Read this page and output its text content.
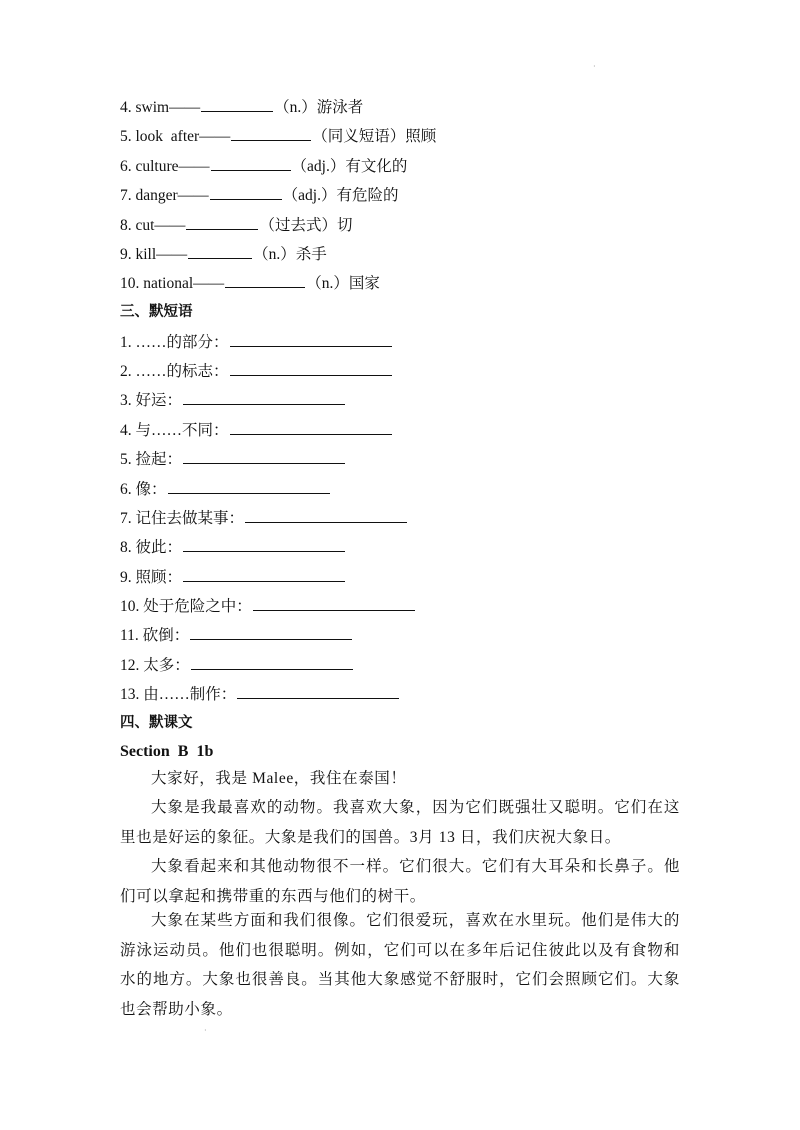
·
4. swim——	（n.）游泳者
5. look  after——	（同义短语）照顾
6. culture——	（adj.）有文化的
7. danger——	（adj.）有危险的
8. cut——	（过去式）切
9. kill——	（n.）杀手
10. national——	（n.）国家
三、默短语
1. ……的部分：
2. ……的标志：
3. 好运：
4. 与……不同：
5. 捡起：
6. 像：
7. 记住去做某事：
8. 彼此：
9. 照顾：
10. 处于危险之中：
11. 砍倒：
12. 太多：
13. 由……制作：
四、默课文
Section  B  1b
大家好，我是 Malee，我住在泰国！
大象是我最喜欢的动物。我喜欢大象，因为它们既强壮又聪明。它们在这里也是好运的象征。大象是我们的国兽。3月 13 日，我们庆祝大象日。
大象看起来和其他动物很不一样。它们很大。它们有大耳朵和长鼻子。他们可以拿起和携带重的东西与他们的树干。
大象在某些方面和我们很像。它们很爱玩，喜欢在水里玩。他们是伟大的游泳运动员。他们也很聪明。例如，它们可以在多年后记住彼此以及有食物和水的地方。大象也很善良。当其他大象感觉不舒服时，它们会照顾它们。大象也会帮助小象。
·
